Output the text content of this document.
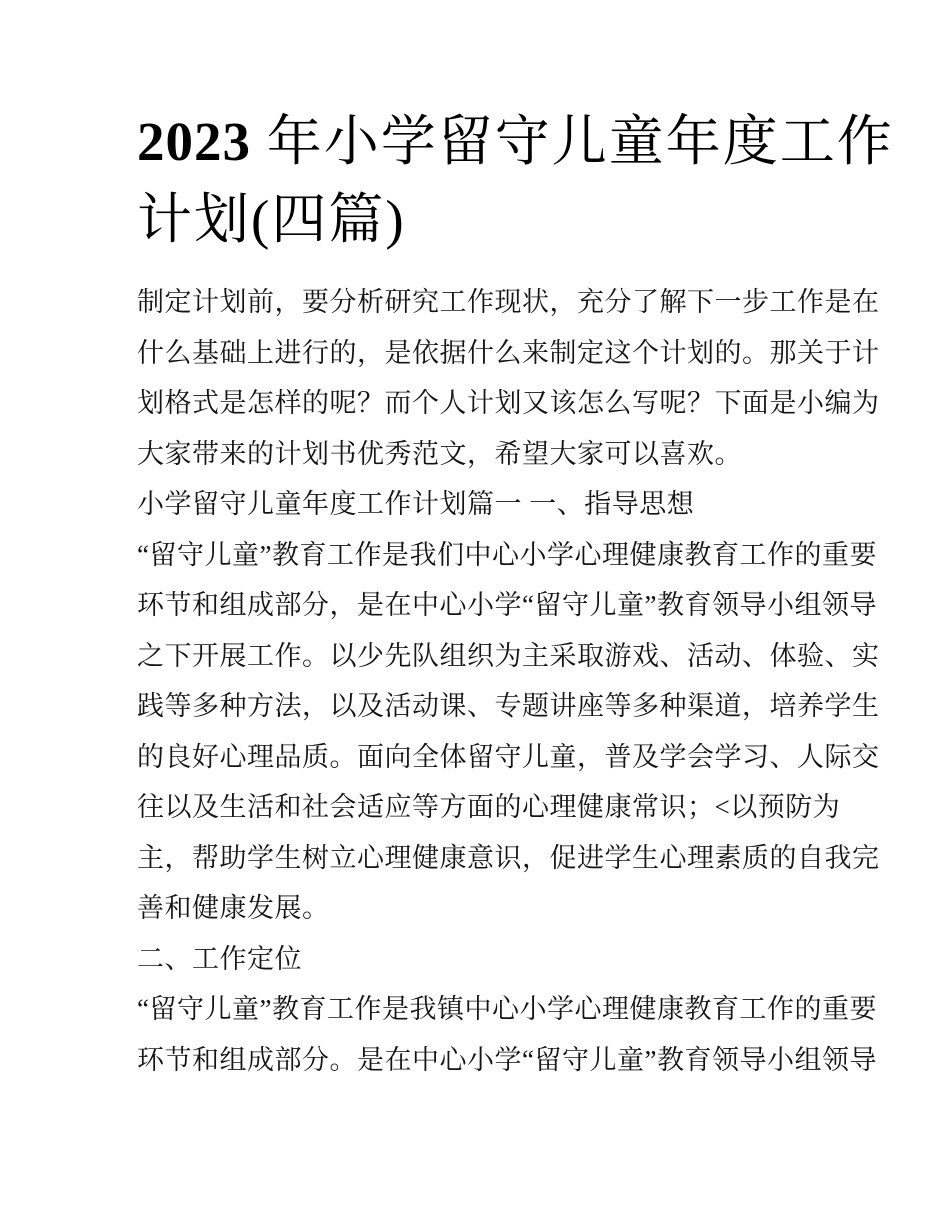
2023 年小学留守儿童年度工作
计划(四篇)
制定计划前，要分析研究工作现状，充分了解下一步工作是在
什么基础上进行的，是依据什么来制定这个计划的。那关于计
划格式是怎样的呢？而个人计划又该怎么写呢？下面是小编为
大家带来的计划书优秀范文，希望大家可以喜欢。
小学留守儿童年度工作计划篇一 一、指导思想
“留守儿童”教育工作是我们中心小学心理健康教育工作的重要
环节和组成部分，是在中心小学“留守儿童”教育领导小组领导
之下开展工作。以少先队组织为主采取游戏、活动、体验、实
践等多种方法，以及活动课、专题讲座等多种渠道，培养学生
的良好心理品质。面向全体留守儿童，普及学会学习、人际交
往以及生活和社会适应等方面的心理健康常识；<以预防为
主，帮助学生树立心理健康意识，促进学生心理素质的自我完
善和健康发展。
二、工作定位
“留守儿童”教育工作是我镇中心小学心理健康教育工作的重要
环节和组成部分。是在中心小学“留守儿童”教育领导小组领导
